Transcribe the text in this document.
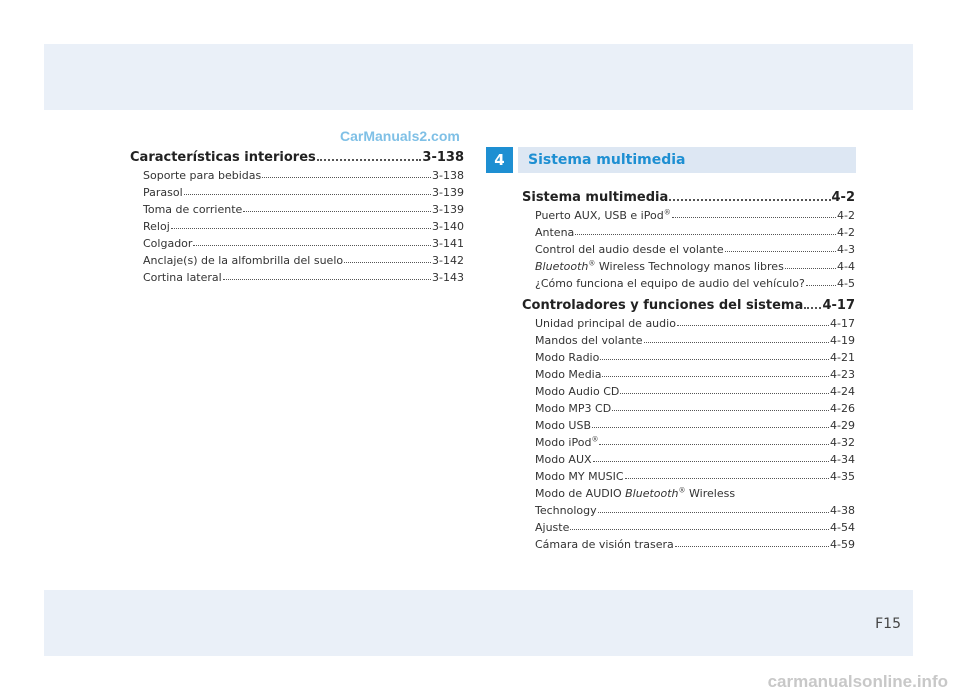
F15
CarManuals2.com
carmanualsonline.info
Características interiores	3-138
Soporte para bebidas	3-138
Parasol	3-139
Toma de corriente	3-139
Reloj	3-140
Colgador	3-141
Anclaje(s) de la alfombrilla del suelo	3-142
Cortina lateral	3-143
4	Sistema multimedia
Sistema multimedia	4-2
Puerto AUX, USB e iPod®	4-2
Antena	4-2
Control del audio desde el volante	4-3
Bluetooth® Wireless Technology manos libres	4-4
¿Cómo funciona el equipo de audio del vehículo?	4-5
Controladores y funciones del sistema 4-17
Unidad principal de audio	4-17
Mandos del volante	4-19
Modo Radio	4-21
Modo Media	4-23
Modo Audio CD	4-24
Modo MP3 CD	4-26
Modo USB	4-29
Modo iPod®	4-32
Modo AUX	4-34
Modo MY MUSIC	4-35
Modo de AUDIO Bluetooth® Wireless
Technology	4-38
Ajuste	4-54
Cámara de visión trasera	4-59
